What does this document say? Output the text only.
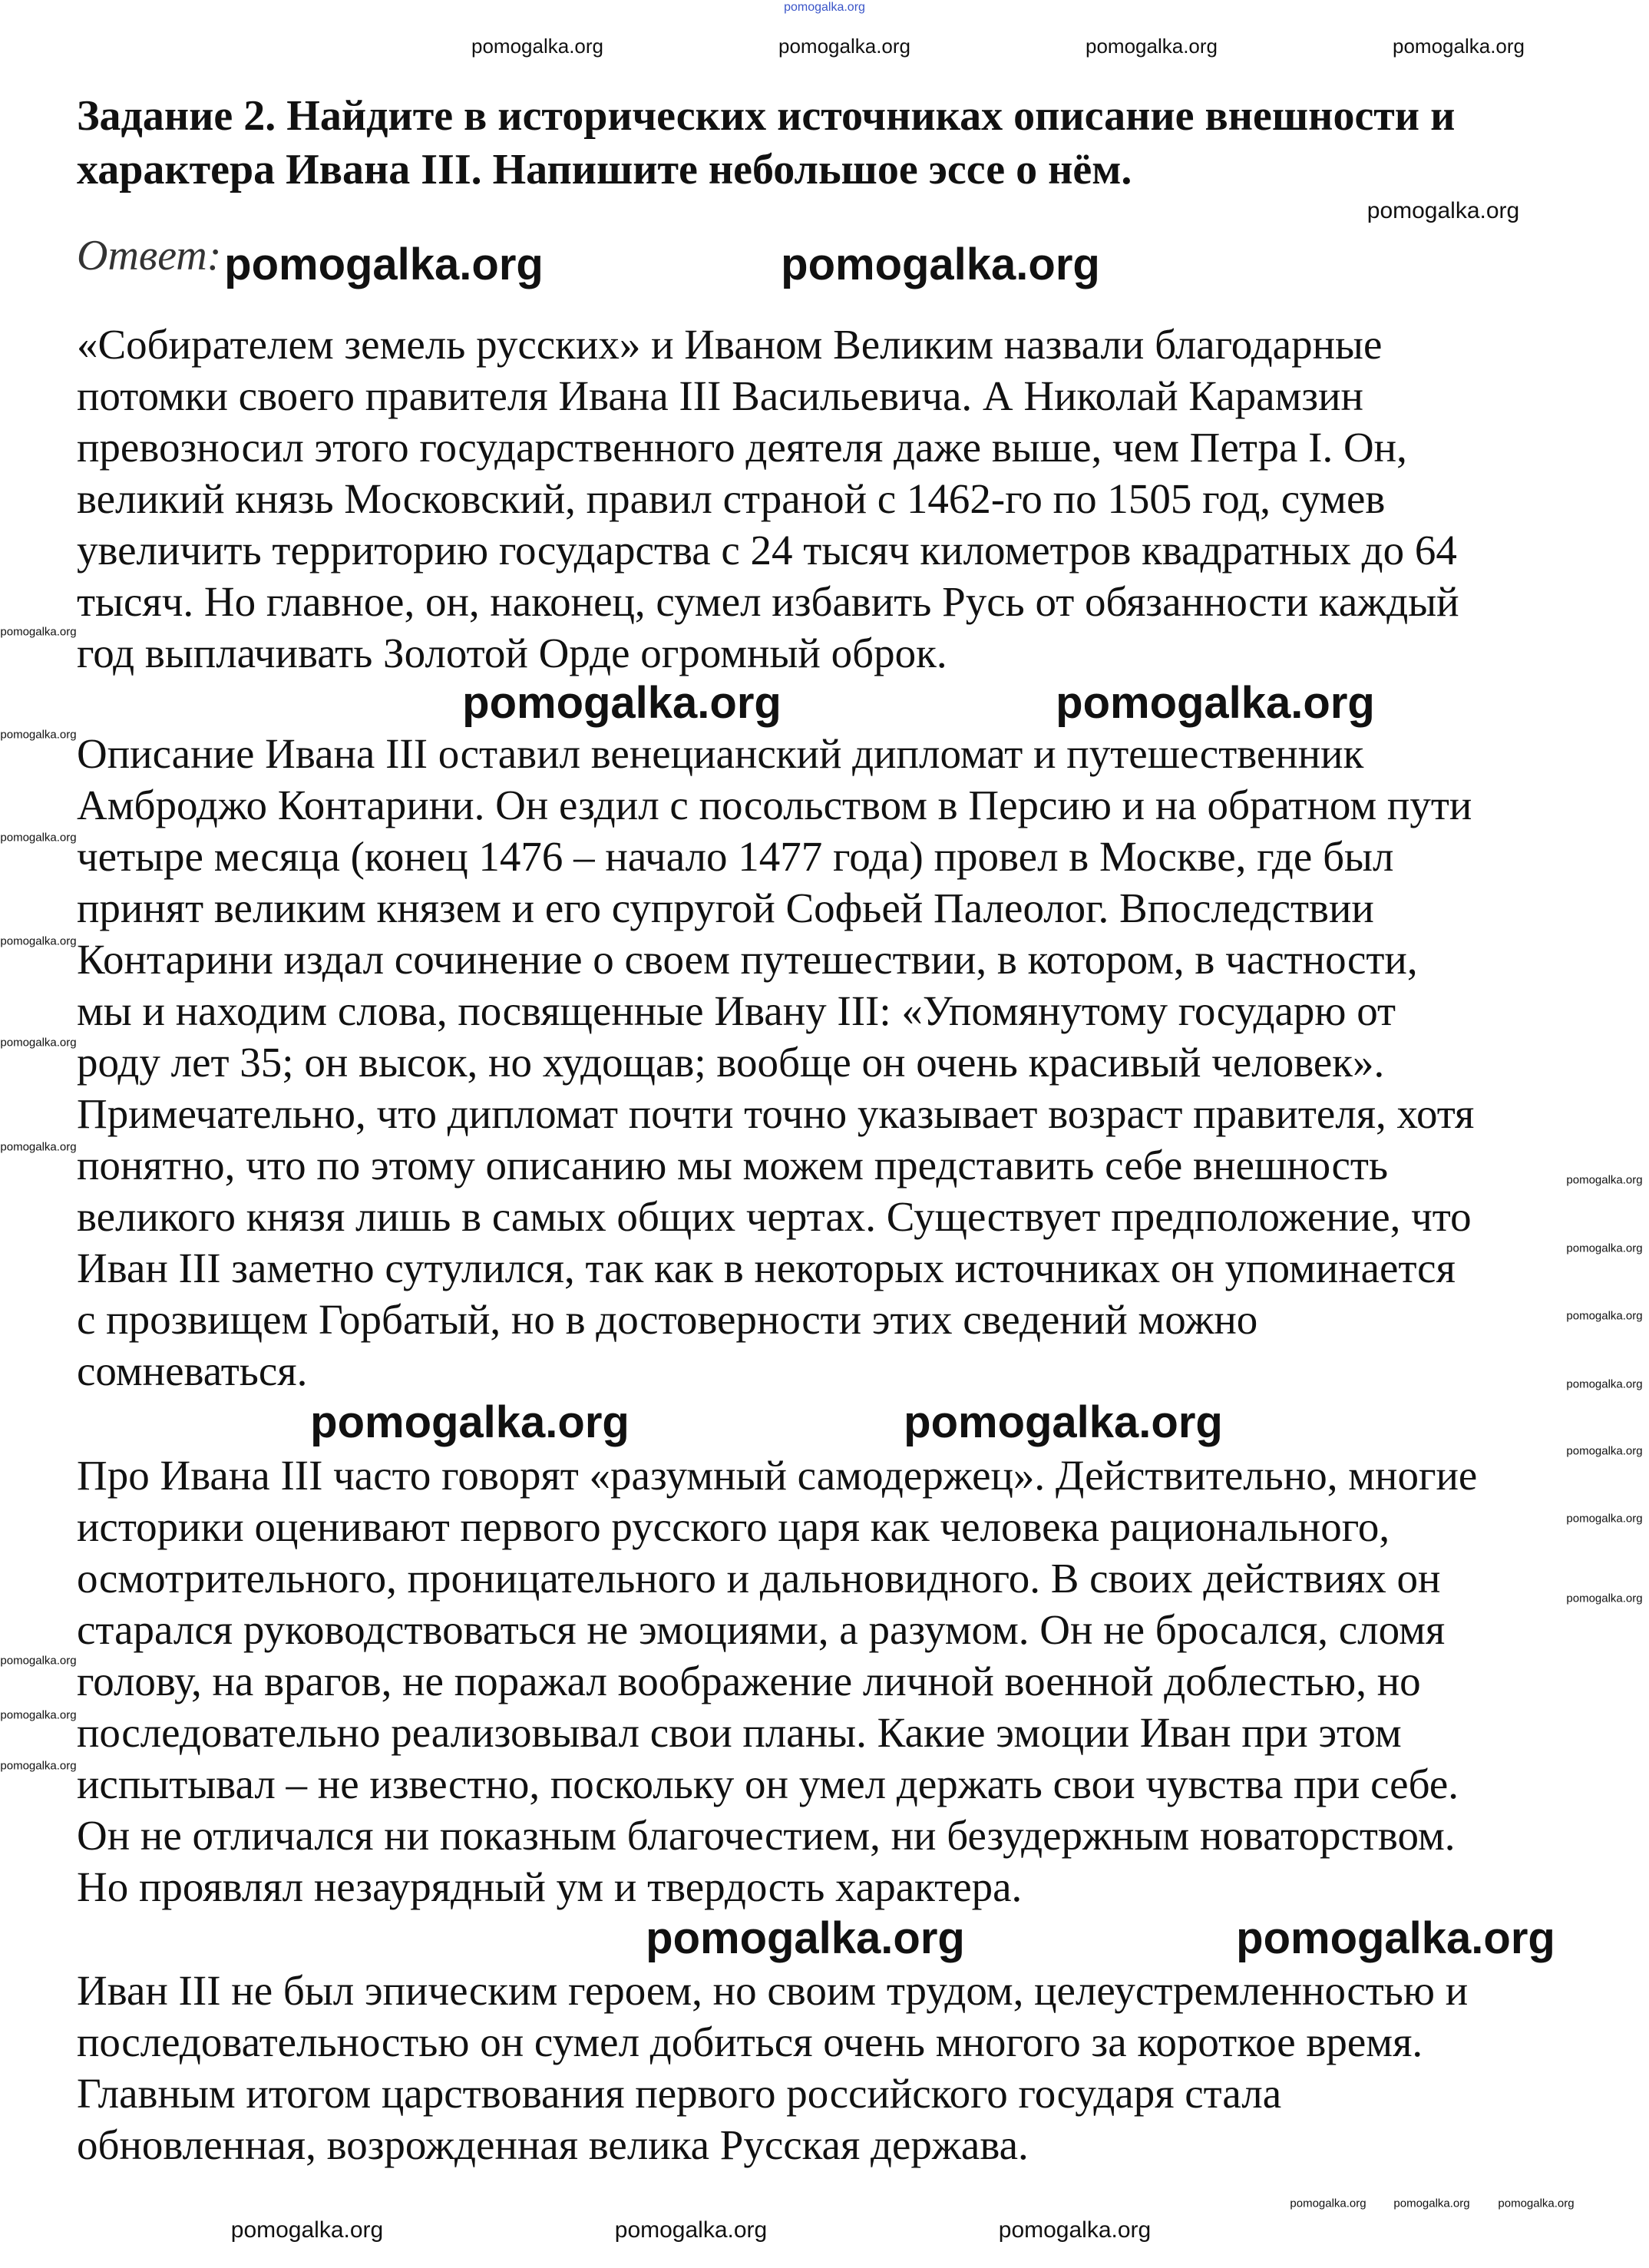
Задание 2. Найдите в исторических источниках описание внешности и
характера Ивана III. Напишите небольшое эссе о нём.
Ответ:
«Собирателем земель русских» и Иваном Великим назвали благодарные
потомки своего правителя Ивана III Васильевича. А Николай Карамзин
превозносил этого государственного деятеля даже выше, чем Петра I. Он,
великий князь Московский, правил страной с 1462-го по 1505 год, сумев
увеличить территорию государства с 24 тысяч километров квадратных до 64
тысяч. Но главное, он, наконец, сумел избавить Русь от обязанности каждый
год выплачивать Золотой Орде огромный оброк.
Описание Ивана III оставил венецианский дипломат и путешественник
Амброджо Контарини. Он ездил с посольством в Персию и на обратном пути
четыре месяца (конец 1476 – начало 1477 года) провел в Москве, где был
принят великим князем и его супругой Софьей Палеолог. Впоследствии
Контарини издал сочинение о своем путешествии, в котором, в частности,
мы и находим слова, посвященные Ивану III: «Упомянутому государю от
роду лет 35; он высок, но худощав; вообще он очень красивый человек».
Примечательно, что дипломат почти точно указывает возраст правителя, хотя
понятно, что по этому описанию мы можем представить себе внешность
великого князя лишь в самых общих чертах. Существует предположение, что
Иван III заметно сутулился, так как в некоторых источниках он упоминается
с прозвищем Горбатый, но в достоверности этих сведений можно
сомневаться.
Про Ивана III часто говорят «разумный самодержец». Действительно, многие
историки оценивают первого русского царя как человека рационального,
осмотрительного, проницательного и дальновидного. В своих действиях он
старался руководствоваться не эмоциями, а разумом. Он не бросался, сломя
голову, на врагов, не поражал воображение личной военной доблестью, но
последовательно реализовывал свои планы. Какие эмоции Иван при этом
испытывал – не известно, поскольку он умел держать свои чувства при себе.
Он не отличался ни показным благочестием, ни безудержным новаторством.
Но проявлял незаурядный ум и твердость характера.
Иван III не был эпическим героем, но своим трудом, целеустремленностью и
последовательностью он сумел добиться очень многого за короткое время.
Главным итогом царствования первого российского государя стала
обновленная, возрожденная велика Русская держава.
pomogalka.org
pomogalka.org	pomogalka.org	pomogalka.org	pomogalka.org
pomogalka.org
pomogalka.org	pomogalka.org
pomogalka.org	pomogalka.org
pomogalka.org	pomogalka.org
pomogalka.org	pomogalka.org
pomogalka.org
pomogalka.org
pomogalka.org
pomogalka.org
pomogalka.org
pomogalka.org
pomogalka.org
pomogalka.org
pomogalka.org
pomogalka.org
pomogalka.org
pomogalka.org
pomogalka.org
pomogalka.org
pomogalka.org
pomogalka.org
pomogalka.org pomogalka.org pomogalka.org
pomogalka.org	pomogalka.org	pomogalka.org
